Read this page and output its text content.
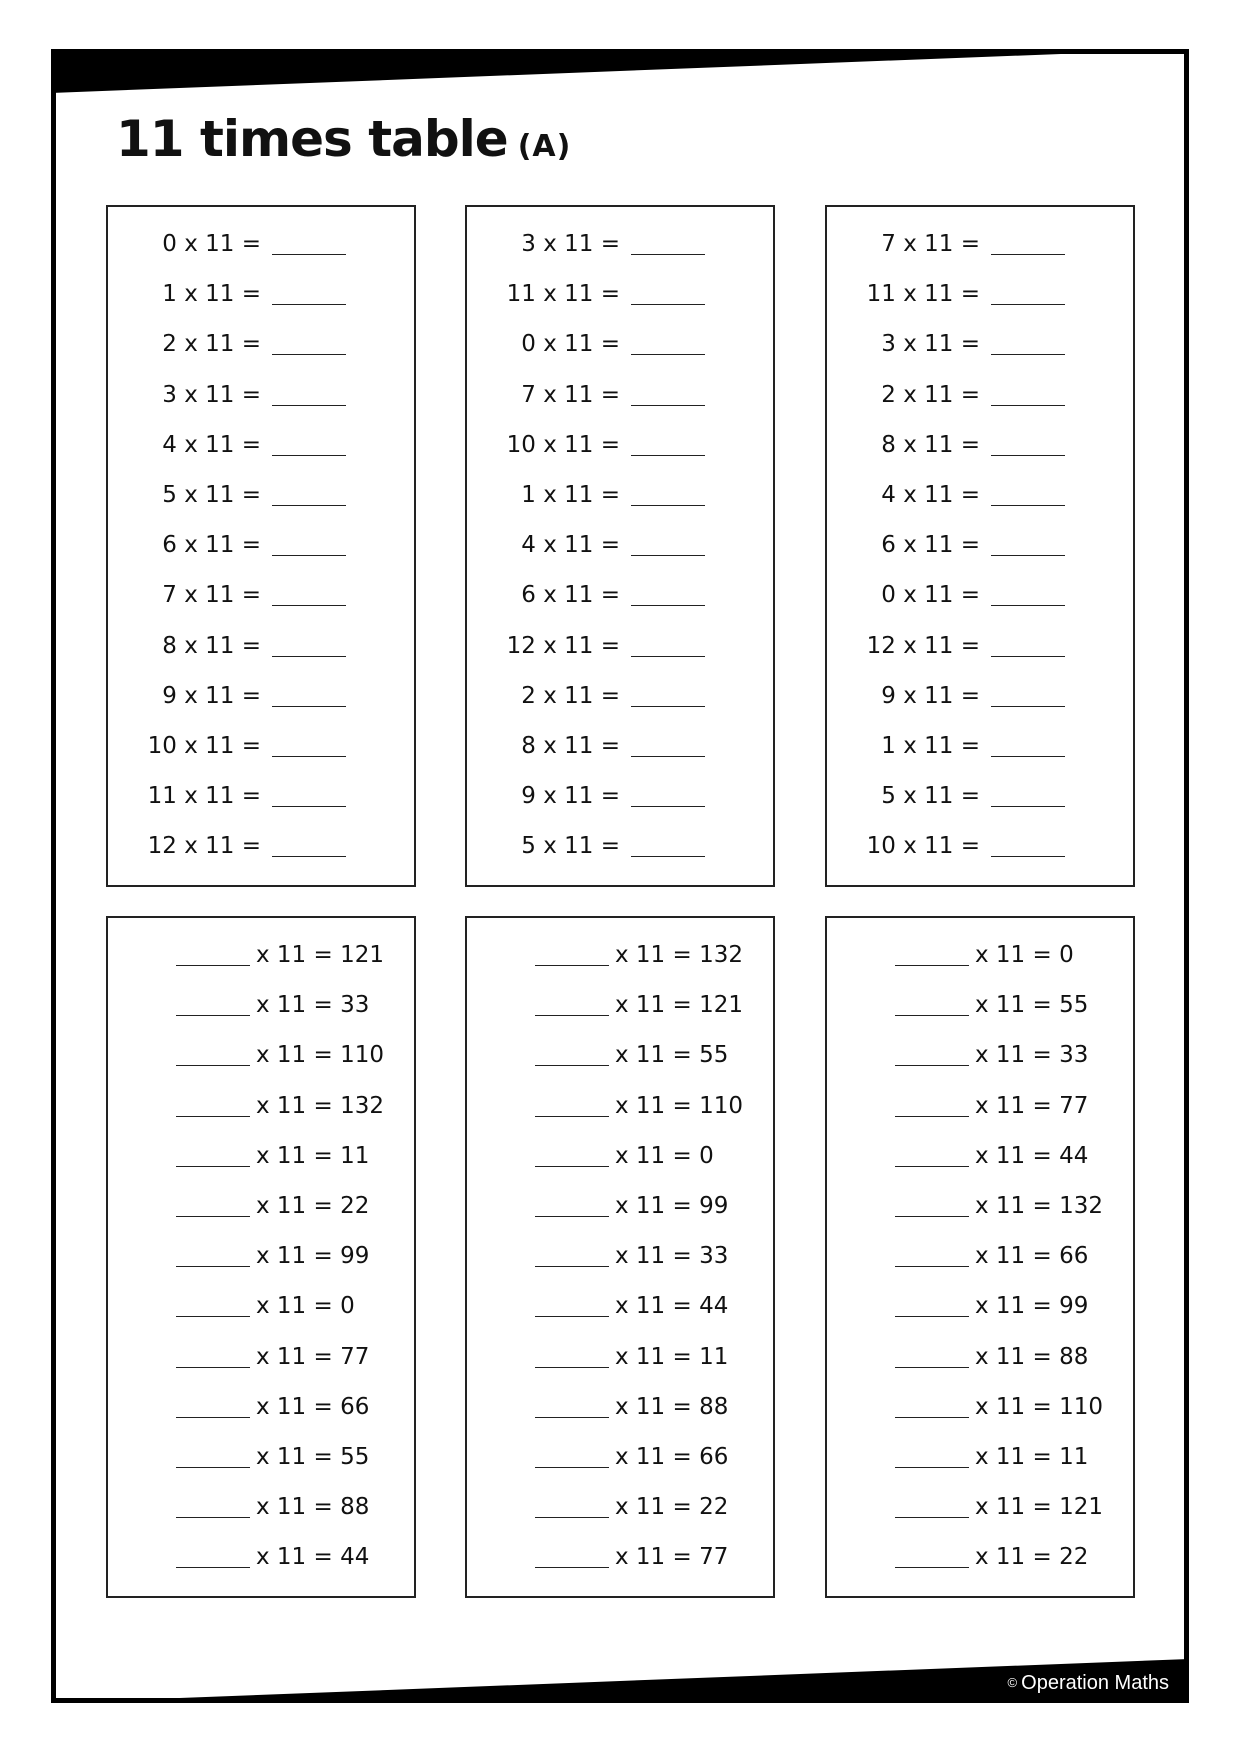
11 times table (A)
© Operation Maths
0 x 11 =
1 x 11 =
2 x 11 =
3 x 11 =
4 x 11 =
5 x 11 =
6 x 11 =
7 x 11 =
8 x 11 =
9 x 11 =
10 x 11 =
11 x 11 =
12 x 11 =
3 x 11 =
11 x 11 =
0 x 11 =
7 x 11 =
10 x 11 =
1 x 11 =
4 x 11 =
6 x 11 =
12 x 11 =
2 x 11 =
8 x 11 =
9 x 11 =
5 x 11 =
7 x 11 =
11 x 11 =
3 x 11 =
2 x 11 =
8 x 11 =
4 x 11 =
6 x 11 =
0 x 11 =
12 x 11 =
9 x 11 =
1 x 11 =
5 x 11 =
10 x 11 =
x 11 = 121
x 11 = 33
x 11 = 110
x 11 = 132
x 11 = 11
x 11 = 22
x 11 = 99
x 11 = 0
x 11 = 77
x 11 = 66
x 11 = 55
x 11 = 88
x 11 = 44
x 11 = 132
x 11 = 121
x 11 = 55
x 11 = 110
x 11 = 0
x 11 = 99
x 11 = 33
x 11 = 44
x 11 = 11
x 11 = 88
x 11 = 66
x 11 = 22
x 11 = 77
x 11 = 0
x 11 = 55
x 11 = 33
x 11 = 77
x 11 = 44
x 11 = 132
x 11 = 66
x 11 = 99
x 11 = 88
x 11 = 110
x 11 = 11
x 11 = 121
x 11 = 22
